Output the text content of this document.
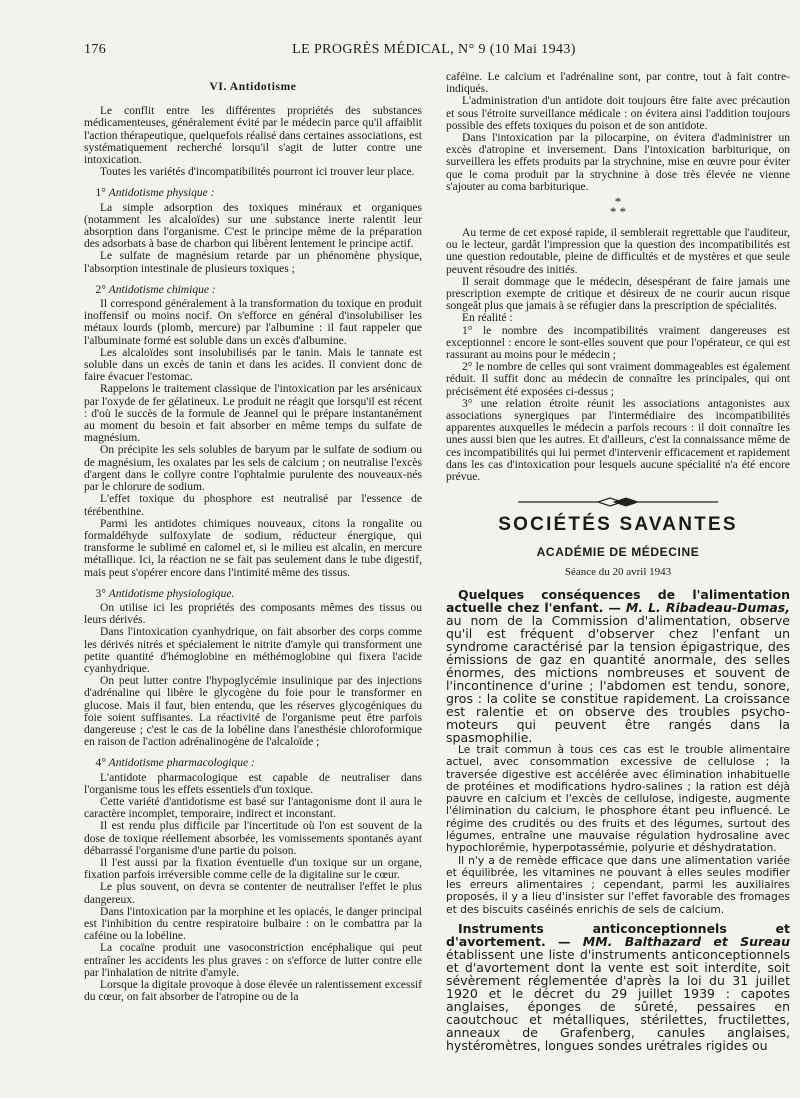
176	LE PROGRÈS MÉDICAL, N° 9 (10 Mai 1943)
VI. Antidotisme

Le conflit entre les différentes propriétés des substances médicamenteuses, généralement évité par le médecin parce qu'il affaiblit l'action thérapeutique, quelquefois réalisé dans certaines associations, est systématiquement recherché lorsqu'il s'agit de lutter contre une intoxication.

Toutes les variétés d'incompatibilités pourront ici trouver leur place.

1° Antidotisme physique :

La simple adsorption des toxiques minéraux et organiques (notamment les alcaloïdes) sur une substance inerte ralentit leur absorption dans l'organisme. C'est le principe même de la préparation des adsorbats à base de charbon qui libèrent lentement le principe actif.

Le sulfate de magnésium retarde par un phénomène physique, l'absorption intestinale de plusieurs toxiques ;

2° Antidotisme chimique :

Il correspond généralement à la transformation du toxique en produit inoffensif ou moins nocif. On s'efforce en général d'insolubiliser les métaux lourds (plomb, mercure) par l'albumine : il faut rappeler que l'albuminate formé est soluble dans un excès d'albumine.

Les alcaloïdes sont insolubilisés par le tanin. Mais le tannate est soluble dans un excès de tanin et dans les acides. Il convient donc de faire évacuer l'estomac.

Rappelons le traitement classique de l'intoxication par les arsénicaux par l'oxyde de fer gélatineux. Le produit ne réagit que lorsqu'il est récent : d'où le succès de la formule de Jeannel qui le prépare instantanément au moment du besoin et fait absorber en même temps du sulfate de magnésium.

On précipite les sels solubles de baryum par le sulfate de sodium ou de magnésium, les oxalates par les sels de calcium ; on neutralise l'excès d'argent dans le collyre contre l'ophtalmie purulente des nouveaux-nés par le chlorure de sodium.

L'effet toxique du phosphore est neutralisé par l'essence de térébenthine.

Parmi les antidotes chimiques nouveaux, citons la rongalite ou formaldéhyde sulfoxylate de sodium, réducteur énergique, qui transforme le sublimé en calomel et, si le milieu est alcalin, en mercure métallique. Ici, la réaction ne se fait pas seulement dans le tube digestif, mais peut s'opérer encore dans l'intimité même des tissus.

3° Antidotisme physiologique.

On utilise ici les propriétés des composants mêmes des tissus ou leurs dérivés.

Dans l'intoxication cyanhydrique, on fait absorber des corps comme les dérivés nitrés et spécialement le nitrite d'amyle qui transforment une petite quantité d'hémoglobine en méthémoglobine qui fixera l'acide cyanhydrique.

On peut lutter contre l'hypoglycémie insulinique par des injections d'adrénaline qui libère le glycogène du foie pour le transformer en glucose. Mais il faut, bien entendu, que les réserves glycogéniques du foie soient suffisantes. La réactivité de l'organisme peut être parfois dangereuse ; c'est le cas de la lobéline dans l'anesthésie chloroformique en raison de l'action adrénalinogène de l'alcaloïde ;

4° Antidotisme pharmacologique :

L'antidote pharmacologique est capable de neutraliser dans l'organisme tous les effets essentiels d'un toxique.

Cette variété d'antidotisme est basé sur l'antagonisme dont il aura le caractère incomplet, temporaire, indirect et inconstant.

Il est rendu plus difficile par l'incertitude où l'on est souvent de la dose de toxique réellement absorbée, les vomissements spontanés ayant débarrassé l'organisme d'une partie du poison.

Il l'est aussi par la fixation éventuelle d'un toxique sur un organe, fixation parfois irréversible comme celle de la digitaline sur le cœur.

Le plus souvent, on devra se contenter de neutraliser l'effet le plus dangereux.

Dans l'intoxication par la morphine et les opiacés, le danger principal est l'inhibition du centre respiratoire bulbaire : on le combattra par la caféine ou la lobéline.

La cocaïne produit une vasoconstriction encéphalique qui peut entraîner les accidents les plus graves : on s'efforce de lutter contre elle par l'inhalation de nitrite d'amyle.

Lorsque la digitale provoque à dose élevée un ralentissement excessif du cœur, on fait absorber de l'atropine ou de la

caféine. Le calcium et l'adrénaline sont, par contre, tout à fait contre-indiqués.

L'administration d'un antidote doit toujours être faite avec précaution et sous l'étroite surveillance médicale : on évitera ainsi l'addition toujours possible des effets toxiques du poison et de son antidote.

Dans l'intoxication par la pilocarpine, on évitera d'administrer un excès d'atropine et inversement. Dans l'intoxication barbiturique, on surveillera les effets produits par la strychnine, mise en œuvre pour éviter que le coma produit par la strychnine à dose très élevée ne vienne s'ajouter au coma barbiturique.

*
* *

Au terme de cet exposé rapide, il semblerait regrettable que l'auditeur, ou le lecteur, gardât l'impression que la question des incompatibilités est une question redoutable, pleine de difficultés et de mystères et que seule peuvent résoudre des initiés.

Il serait dommage que le médecin, désespérant de faire jamais une prescription exempte de critique et désireux de ne courir aucun risque songeât plus que jamais à se réfugier dans la prescription de spécialités.

En réalité :

1° le nombre des incompatibilités vraiment dangereuses est exceptionnel : encore le sont-elles souvent que pour l'opérateur, ce qui est rassurant au moins pour le médecin ;

2° le nombre de celles qui sont vraiment dommageables est également réduit. Il suffit donc au médecin de connaître les principales, qui ont précisément été exposées ci-dessus ;

3° une relation étroite réunit les associations antagonistes aux associations synergiques par l'intermédiaire des incompatibilités apparentes auxquelles le médecin a parfois recours : il doit connaître les unes aussi bien que les autres. Et d'ailleurs, c'est la connaissance même de ces incompatibilités qui lui permet d'intervenir efficacement et rapidement dans les cas d'intoxication pour lesquels aucune spécialité n'a été encore prévue.

SOCIÉTÉS SAVANTES
ACADÉMIE DE MÉDECINE
Séance du 20 avril 1943

Quelques conséquences de l'alimentation actuelle chez l'enfant. — M. L. Ribadeau-Dumas, au nom de la Commission d'alimentation, observe qu'il est fréquent d'observer chez l'enfant un syndrome caractérisé par la tension épigastrique, des émissions de gaz en quantité anormale, des selles énormes, des mictions nombreuses et souvent de l'incontinence d'urine ; l'abdomen est tendu, sonore, gros : la colite se constitue rapidement. La croissance est ralentie et on observe des troubles psycho-moteurs qui peuvent être rangés dans la spasmophilie.

Le trait commun à tous ces cas est le trouble alimentaire actuel, avec consommation excessive de cellulose ; la traversée digestive est accélérée avec élimination inhabituelle de protéines et modifications hydro-salines ; la ration est déjà pauvre en calcium et l'excès de cellulose, indigeste, augmente l'élimination du calcium, le phosphore étant peu influencé. Le régime des crudités ou des fruits et des légumes, surtout des légumes, entraîne une mauvaise régulation hydrosaline avec hypochlorémie, hyperpotassémie, polyurie et déshydratation.

Il n'y a de remède efficace que dans une alimentation variée et équilibrée, les vitamines ne pouvant à elles seules modifier les erreurs alimentaires ; cependant, parmi les auxiliaires proposés, il y a lieu d'insister sur l'effet favorable des fromages et des biscuits caséinés enrichis de sels de calcium.

Instruments anticonceptionnels et d'avortement. — MM. Balthazard et Sureau établissent une liste d'instruments anticonceptionnels et d'avortement dont la vente est soit interdite, soit sévèrement réglementée d'après la loi du 31 juillet 1920 et le décret du 29 juillet 1939 : capotes anglaises, éponges de sûreté, pessaires en caoutchouc et métalliques, stérilettes, fructilettes, anneaux de Grafenberg, canules anglaises, hystéromètres, longues sondes urétrales rigides ou
